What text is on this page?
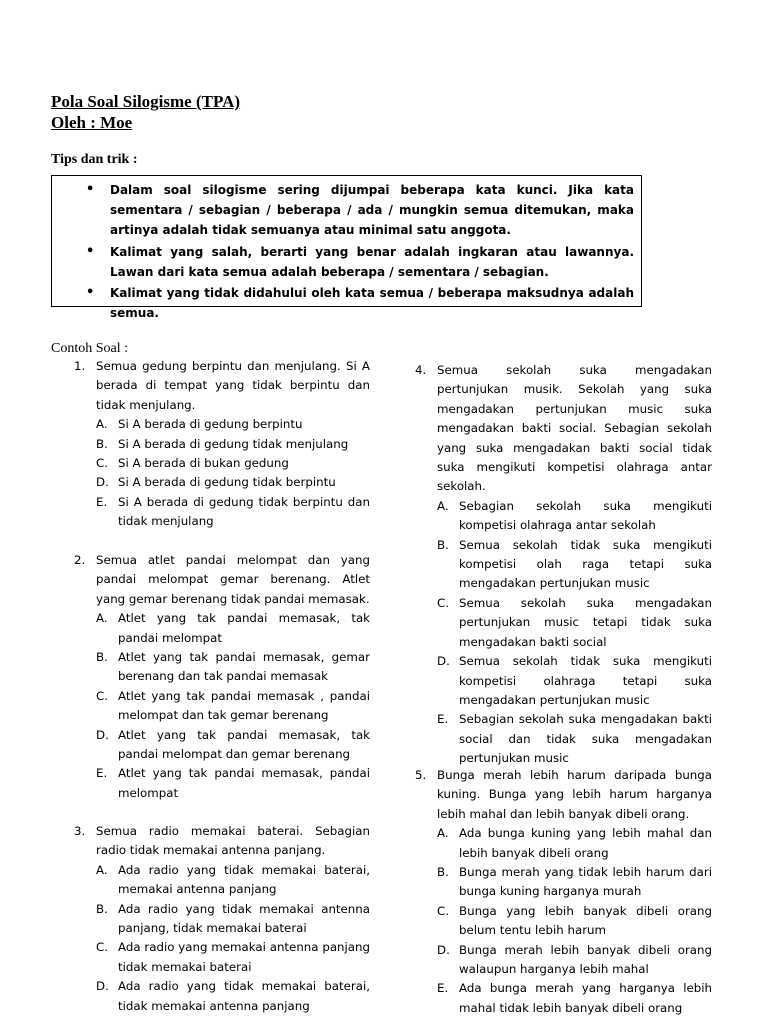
Pola Soal Silogisme (TPA)
Oleh : Moe
Tips dan trik :
• Dalam soal silogisme sering dijumpai beberapa kata kunci. Jika kata sementara / sebagian / beberapa / ada / mungkin semua ditemukan, maka artinya adalah tidak semuanya atau minimal satu anggota.
• Kalimat yang salah, berarti yang benar adalah ingkaran atau lawannya. Lawan dari kata semua adalah beberapa / sementara / sebagian.
• Kalimat yang tidak didahului oleh kata semua / beberapa maksudnya adalah semua.
Contoh Soal :
1. Semua gedung berpintu dan menjulang. Si A berada di tempat yang tidak berpintu dan tidak menjulang.
A. Si A berada di gedung berpintu
B. Si A berada di gedung tidak menjulang
C. Si A berada di bukan gedung
D. Si A berada di gedung tidak berpintu
E. Si A berada di gedung tidak berpintu dan tidak menjulang
2. Semua atlet pandai melompat dan yang pandai melompat gemar berenang. Atlet yang gemar berenang tidak pandai memasak.
A. Atlet yang tak pandai memasak, tak pandai melompat
B. Atlet yang tak pandai memasak, gemar berenang dan tak pandai memasak
C. Atlet yang tak pandai memasak , pandai melompat dan tak gemar berenang
D. Atlet yang tak pandai memasak, tak pandai melompat dan gemar berenang
E. Atlet yang tak pandai memasak, pandai melompat
3. Semua radio memakai baterai. Sebagian radio tidak memakai antenna panjang.
A. Ada radio yang tidak memakai baterai, memakai antenna panjang
B. Ada radio yang tidak memakai antenna panjang, tidak memakai baterai
C. Ada radio yang memakai antenna panjang tidak memakai baterai
D. Ada radio yang tidak memakai baterai, tidak memakai antenna panjang
4. Semua sekolah suka mengadakan pertunjukan musik. Sekolah yang suka mengadakan pertunjukan music suka mengadakan bakti social. Sebagian sekolah yang suka mengadakan bakti social tidak suka mengikuti kompetisi olahraga antar sekolah.
A. Sebagian sekolah suka mengikuti kompetisi olahraga antar sekolah
B. Semua sekolah tidak suka mengikuti kompetisi olah raga tetapi suka mengadakan pertunjukan music
C. Semua sekolah suka mengadakan pertunjukan music tetapi tidak suka mengadakan bakti social
D. Semua sekolah tidak suka mengikuti kompetisi olahraga tetapi suka mengadakan pertunjukan music
E. Sebagian sekolah suka mengadakan bakti social dan tidak suka mengadakan pertunjukan music
5. Bunga merah lebih harum daripada bunga kuning. Bunga yang lebih harum harganya lebih mahal dan lebih banyak dibeli orang.
A. Ada bunga kuning yang lebih mahal dan lebih banyak dibeli orang
B. Bunga merah yang tidak lebih harum dari bunga kuning harganya murah
C. Bunga yang lebih banyak dibeli orang belum tentu lebih harum
D. Bunga merah lebih banyak dibeli orang walaupun harganya lebih mahal
E. Ada bunga merah yang harganya lebih mahal tidak lebih banyak dibeli orang
